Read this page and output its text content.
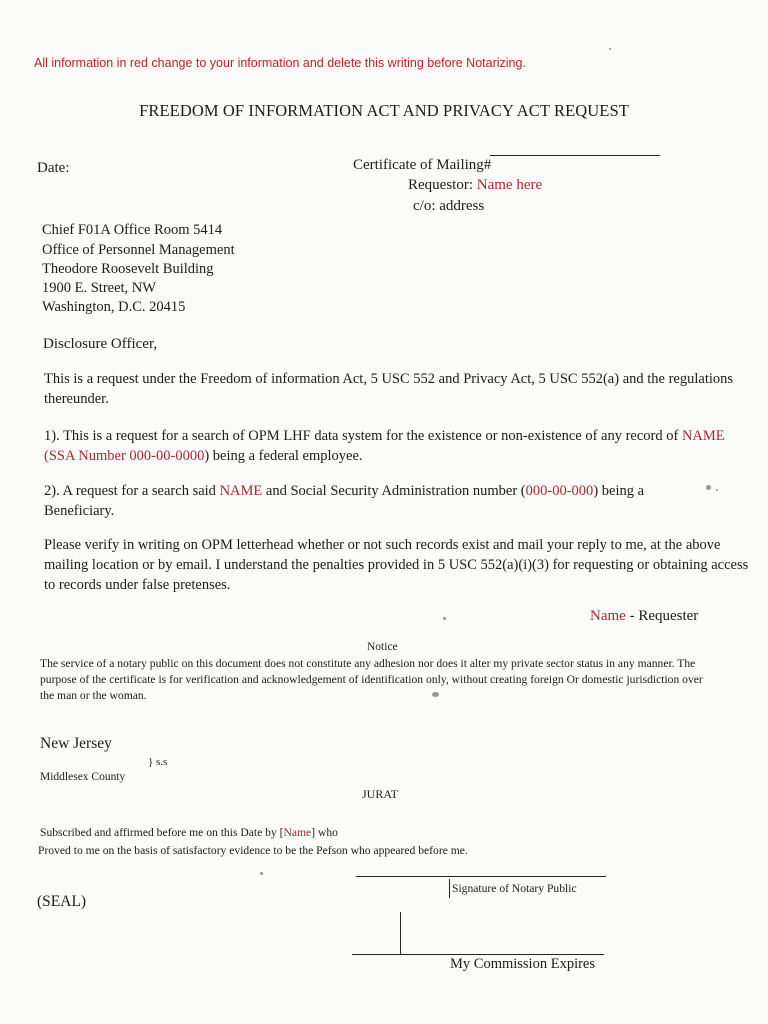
All information in red change to your information and delete this writing before Notarizing.
FREEDOM OF INFORMATION ACT AND PRIVACY ACT REQUEST
Date:	Certificate of Mailing#
Requestor: Name here
c/o: address
Chief F01A Office Room 5414
Office of Personnel Management
Theodore Roosevelt Building
1900 E. Street, NW
Washington, D.C. 20415
Disclosure Officer,
This is a request under the Freedom of information Act, 5 USC 552 and Privacy Act, 5 USC 552(a) and the regulations thereunder.
1). This is a request for a search of OPM LHF data system for the existence or non-existence of any record of NAME (SSA Number 000-00-0000) being a federal employee.
2). A request for a search said NAME and Social Security Administration number (000-00-000) being a
Beneficiary.
Please verify in writing on OPM letterhead whether or not such records exist and mail your reply to me, at the above mailing location or by email. I understand the penalties provided in 5 USC 552(a)(i)(3) for requesting or obtaining access to records under false pretenses.
Name - Requester
Notice
The service of a notary public on this document does not constitute any adhesion nor does it alter my private sector status in any manner. The purpose of the certificate is for verification and acknowledgement of identification only, without creating foreign Or domestic jurisdiction over the man or the woman.
New Jersey
} s.s
Middlesex County
JURAT
Subscribed and affirmed before me on this Date by [Name] who
Proved to me on the basis of satisfactory evidence to be the Pefson who appeared before me.
Signature of Notary Public
(SEAL)
My Commission Expires
